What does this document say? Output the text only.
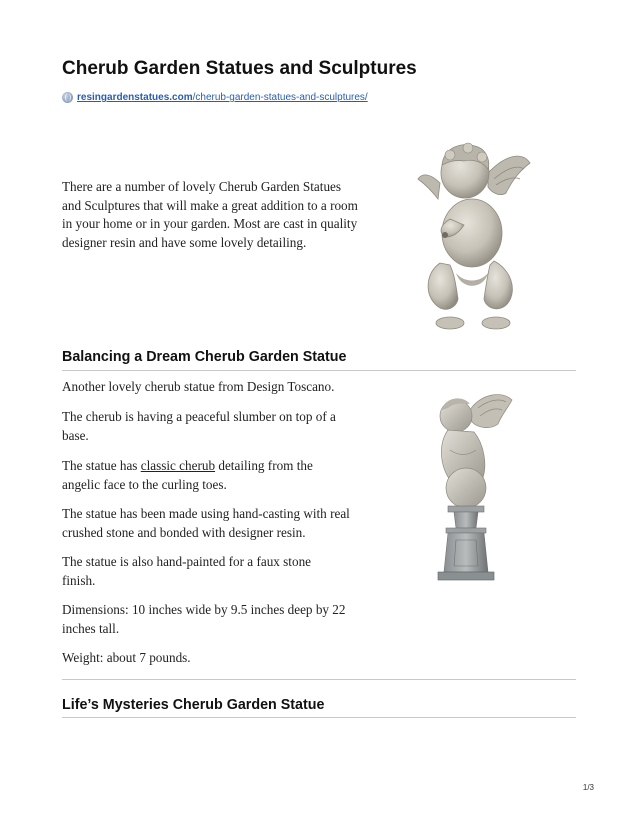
Cherub Garden Statues and Sculptures
resingardenstatues.com/cherub-garden-statues-and-sculptures/

There are a number of lovely Cherub Garden Statues and Sculptures that will make a great addition to a room in your home or in your garden. Most are cast in quality designer resin and have some lovely detailing.

Balancing a Dream Cherub Garden Statue

Another lovely cherub statue from Design Toscano.

The cherub is having a peaceful slumber on top of a base.

The statue has classic cherub detailing from the angelic face to the curling toes.

The statue has been made using hand-casting with real crushed stone and bonded with designer resin.

The statue is also hand-painted for a faux stone finish.

Dimensions: 10 inches wide by 9.5 inches deep by 22 inches tall.

Weight: about 7 pounds.

Life’s Mysteries Cherub Garden Statue
1/3
